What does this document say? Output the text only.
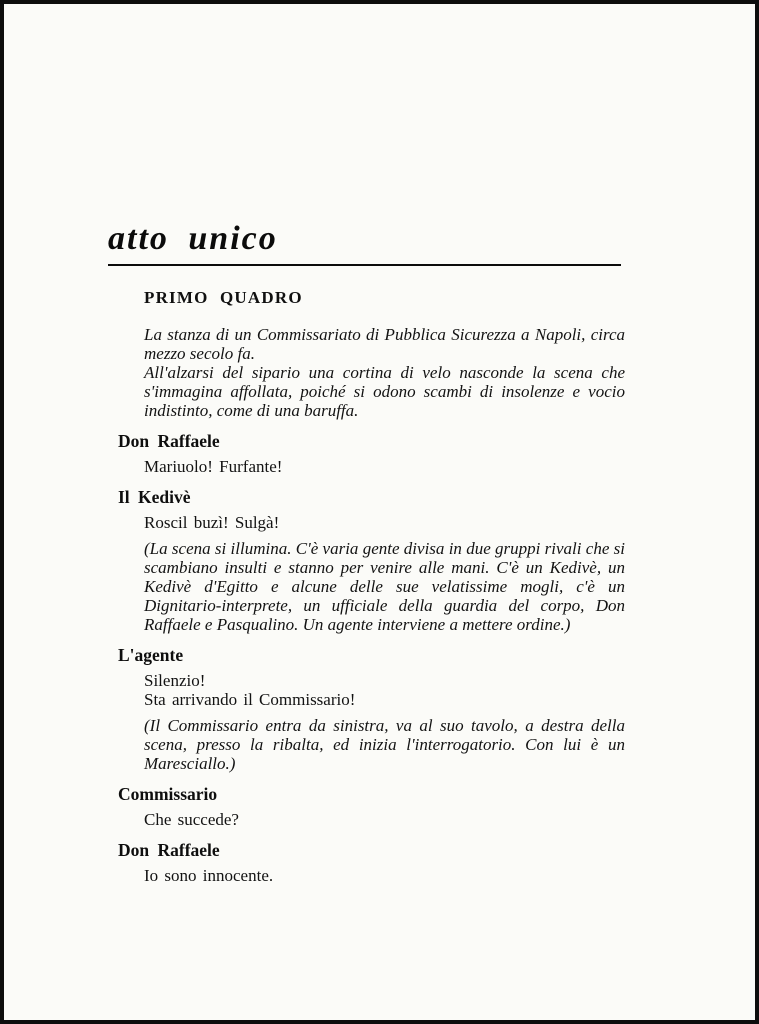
atto unico
PRIMO QUADRO

La stanza di un Commissariato di Pubblica Sicurezza a Napoli, circa mezzo secolo fa.

All'alzarsi del sipario una cortina di velo nasconde la scena che s'immagina affollata, poiché si odono scambi di insolenze e vocio indistinto, come di una baruffa.

Don Raffaele

Mariuolo! Furfante!

Il Kedivè

Roscil buzì! Sulgà!

(La scena si illumina. C'è varia gente divisa in due gruppi rivali che si scambiano insulti e stanno per venire alle mani. C'è un Kedivè, un Kedivè d'Egitto e alcune delle sue velatissime mogli, c'è un Dignitario-interprete, un ufficiale della guardia del corpo, Don Raffaele e Pasqualino. Un agente interviene a mettere ordine.)

L'agente

Silenzio!

Sta arrivando il Commissario!

(Il Commissario entra da sinistra, va al suo tavolo, a destra della scena, presso la ribalta, ed inizia l'interrogatorio. Con lui è un Maresciallo.)

Commissario

Che succede?

Don Raffaele

Io sono innocente.
